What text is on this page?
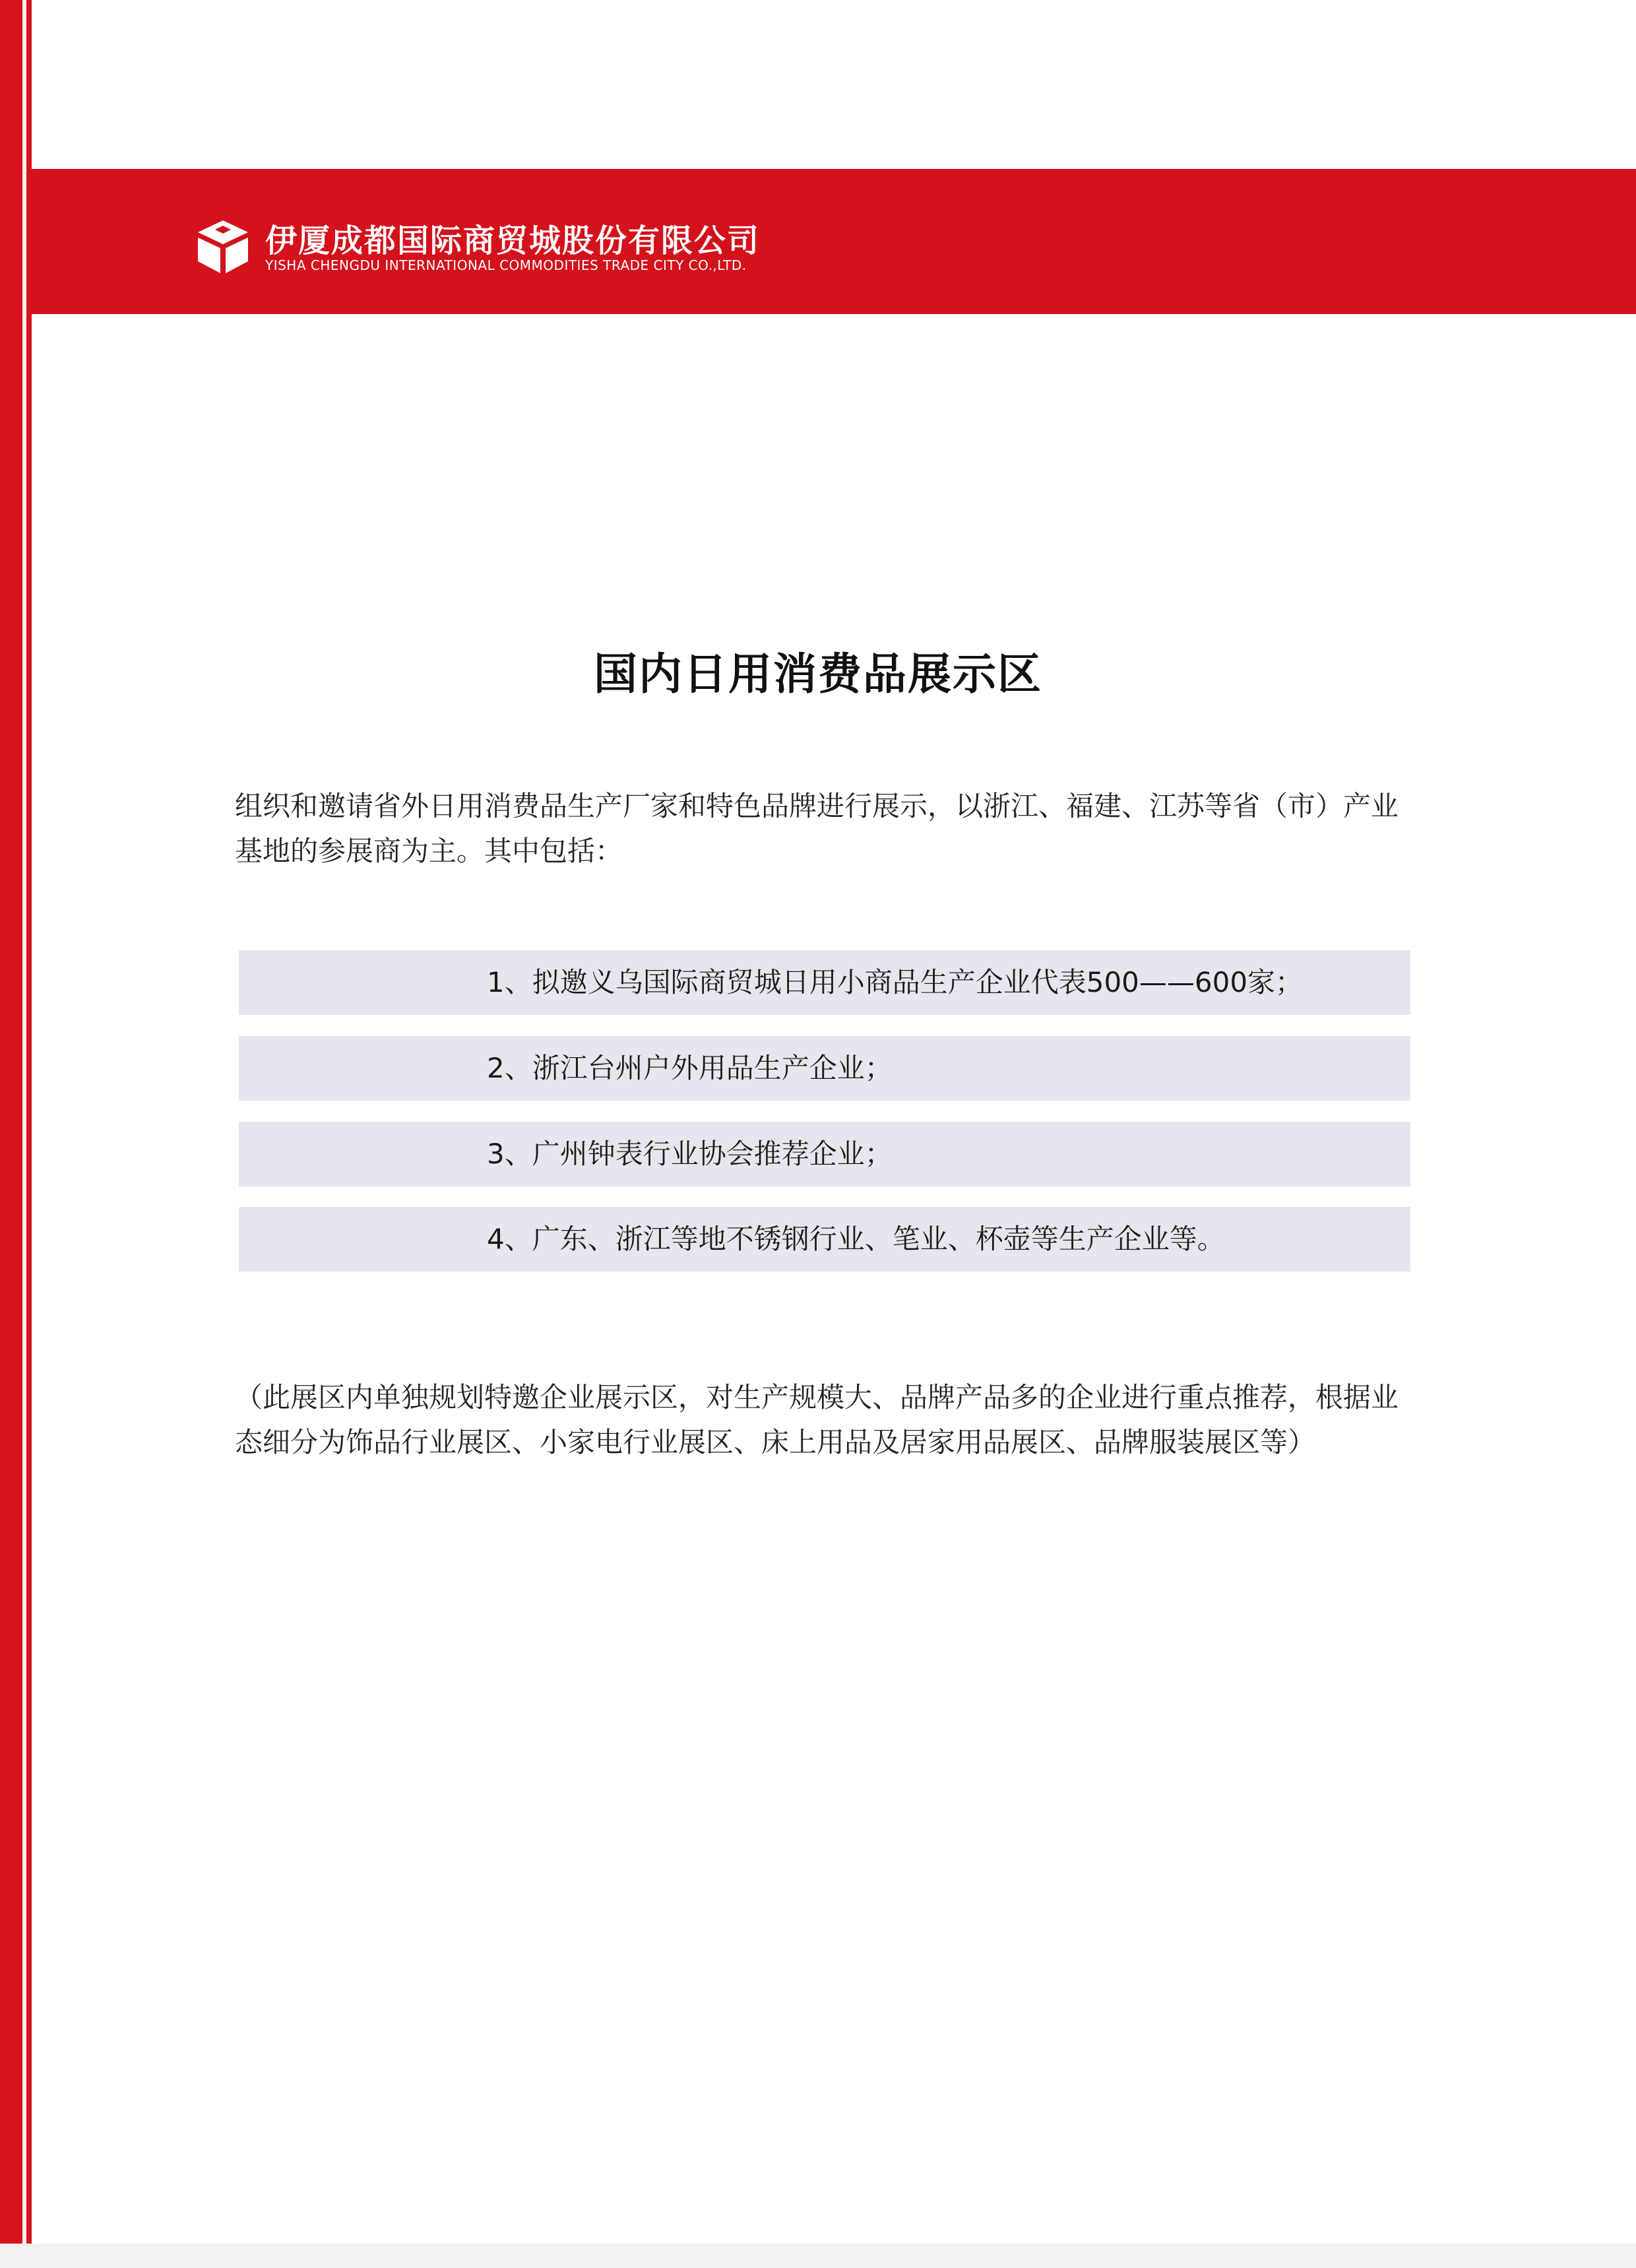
伊厦成都国际商贸城股份有限公司
YISHA CHENGDU INTERNATIONAL COMMODITIES TRADE CITY CO.,LTD.
国内日用消费品展示区

组织和邀请省外日用消费品生产厂家和特色品牌进行展示，以浙江、福建、江苏等省（市）产业

基地的参展商为主。其中包括：

1、拟邀义乌国际商贸城日用小商品生产企业代表500——600家；
2、浙江台州户外用品生产企业；
3、广州钟表行业协会推荐企业；
4、广东、浙江等地不锈钢行业、笔业、杯壶等生产企业等。

（此展区内单独规划特邀企业展示区，对生产规模大、品牌产品多的企业进行重点推荐，根据业

态细分为饰品行业展区、小家电行业展区、床上用品及居家用品展区、品牌服装展区等）
